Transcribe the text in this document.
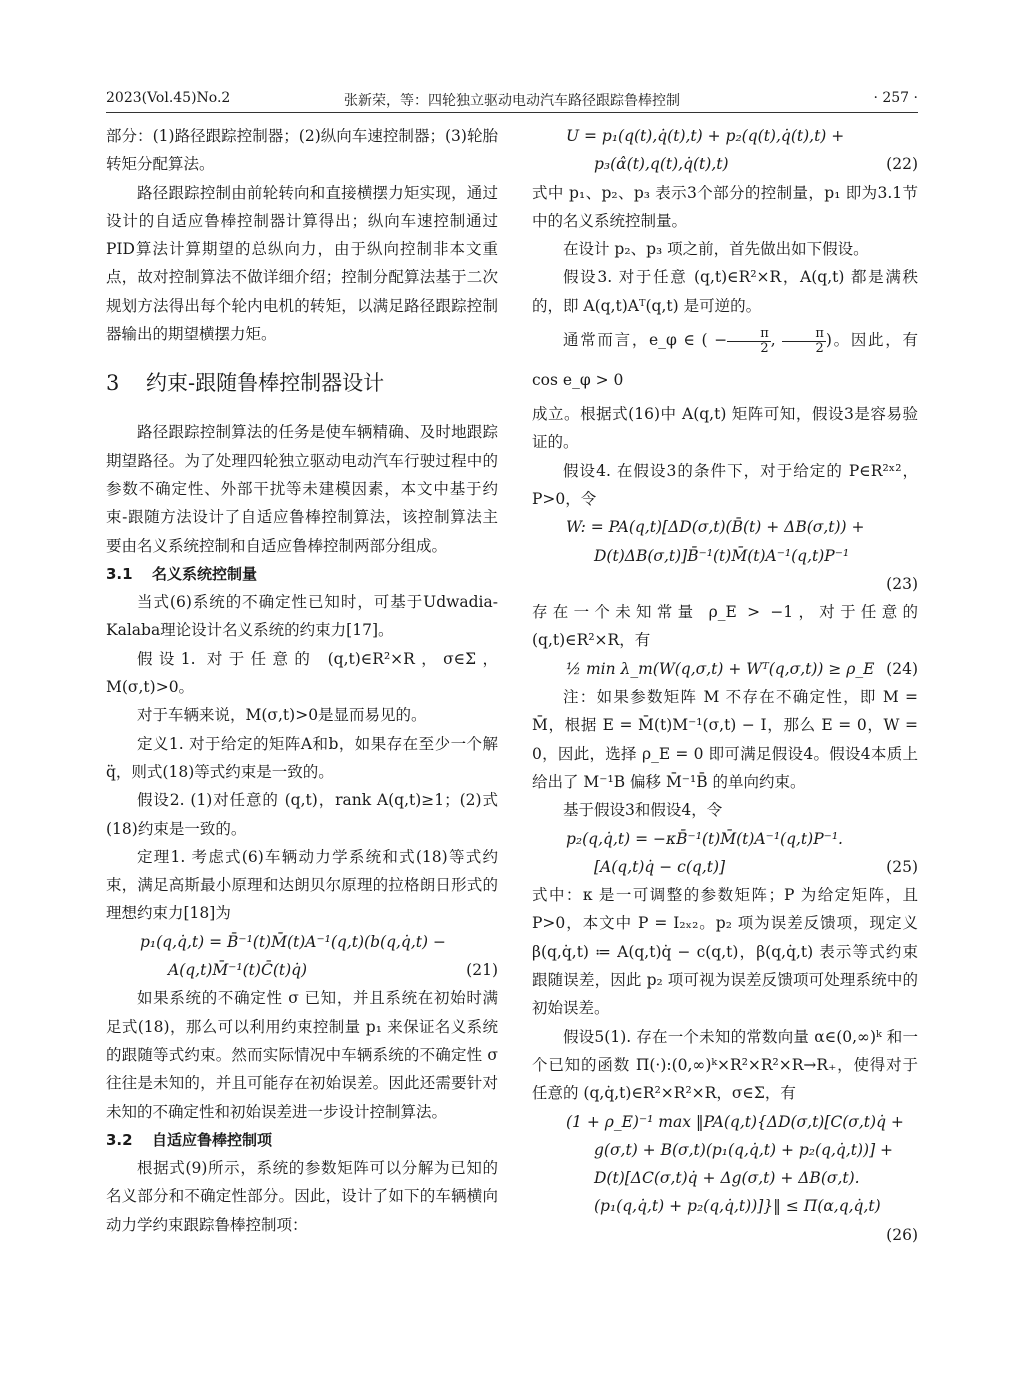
2023(Vol.45)No.2	张新荣，等：四轮独立驱动电动汽车路径跟踪鲁棒控制	· 257 ·

部分：(1)路径跟踪控制器；(2)纵向车速控制器；(3)轮胎转矩分配算法。

路径跟踪控制由前轮转向和直接横摆力矩实现，通过设计的自适应鲁棒控制器计算得出；纵向车速控制通过PID算法计算期望的总纵向力，由于纵向控制非本文重点，故对控制算法不做详细介绍；控制分配算法基于二次规划方法得出每个轮内电机的转矩，以满足路径跟踪控制器输出的期望横摆力矩。

3 约束-跟随鲁棒控制器设计

路径跟踪控制算法的任务是使车辆精确、及时地跟踪期望路径。为了处理四轮独立驱动电动汽车行驶过程中的参数不确定性、外部干扰等未建模因素，本文中基于约束-跟随方法设计了自适应鲁棒控制算法，该控制算法主要由名义系统控制和自适应鲁棒控制两部分组成。

3.1 名义系统控制量

当式(6)系统的不确定性已知时，可基于Udwadia-Kalaba理论设计名义系统的约束力[17]。

假设1. 对于任意的 (q,t)∈R²×R，σ∈Σ，M(σ,t)>0。

对于车辆来说，M(σ,t)>0是显而易见的。

定义1. 对于给定的矩阵A和b，如果存在至少一个解 q̈，则式(18)等式约束是一致的。

假设2. (1)对任意的 (q,t)，rank A(q,t)≥1；(2)式(18)约束是一致的。

定理1. 考虑式(6)车辆动力学系统和式(18)等式约束，满足高斯最小原理和达朗贝尔原理的拉格朗日形式的理想约束力[18]为

p₁(q,q̇,t) = B̄⁻¹(t)M̄(t)A⁻¹(q,t)(b(q,q̇,t) −
A(q,t)M̄⁻¹(t)C̄(t)q̇)	(21)

如果系统的不确定性 σ 已知，并且系统在初始时满足式(18)，那么可以利用约束控制量 p₁ 来保证名义系统的跟随等式约束。然而实际情况中车辆系统的不确定性 σ 往往是未知的，并且可能存在初始误差。因此还需要针对未知的不确定性和初始误差进一步设计控制算法。

3.2 自适应鲁棒控制项

根据式(9)所示，系统的参数矩阵可以分解为已知的名义部分和不确定性部分。因此，设计了如下的车辆横向动力学约束跟踪鲁棒控制项：

U = p₁(q(t),q̇(t),t) + p₂(q(t),q̇(t),t) +
p₃(α̂(t),q(t),q̇(t),t)	(22)

式中 p₁、p₂、p₃ 表示3个部分的控制量，p₁ 即为3.1节中的名义系统控制量。

在设计 p₂、p₃ 项之前，首先做出如下假设。

假设3. 对于任意 (q,t)∈R²×R，A(q,t) 都是满秩的，即 A(q,t)Aᵀ(q,t) 是可逆的。

通常而言，e_φ ∈ ( − $\frac{\pi}{2}$ , $\frac{\pi}{2}$ )。因此，有 cos e_φ > 0

成立。根据式(16)中 A(q,t) 矩阵可知，假设3是容易验证的。

假设4. 在假设3的条件下，对于给定的 P∈R²ˣ²，P>0，令

W: = PA(q,t)[ΔD(σ,t)(B̄(t) + ΔB(σ,t)) +
D(t)ΔB(σ,t)]B̄⁻¹(t)M̄(t)A⁻¹(q,t)P⁻¹
(23)

存在一个未知常量 ρ_E > −1，对于任意的 (q,t)∈R²×R，有

½ min λ_m(W(q,σ,t) + Wᵀ(q,σ,t)) ≥ ρ_E (24)

注：如果参数矩阵 M 不存在不确定性，即 M = M̄，根据 E = M̄(t)M⁻¹(σ,t) − I，那么 E = 0，W = 0，因此，选择 ρ_E = 0 即可满足假设4。假设4本质上给出了 M⁻¹B 偏移 M̄⁻¹B̄ 的单向约束。

基于假设3和假设4，令

p₂(q,q̇,t) = −κB̄⁻¹(t)M̄(t)A⁻¹(q,t)P⁻¹.
[A(q,t)q̇ − c(q,t)]	(25)

式中：κ 是一可调整的参数矩阵；P 为给定矩阵，且 P>0，本文中 P = I₂ₓ₂。p₂ 项为误差反馈项，现定义 β(q,q̇,t) ≔ A(q,t)q̇ − c(q,t)，β(q,q̇,t) 表示等式约束跟随误差，因此 p₂ 项可视为误差反馈项可处理系统中的初始误差。

假设5(1). 存在一个未知的常数向量 α∈(0,∞)ᵏ 和一个已知的函数 Π(·):(0,∞)ᵏ×R²×R²×R→R₊，使得对于任意的 (q,q̇,t)∈R²×R²×R，σ∈Σ，有

(1 + ρ_E)⁻¹ max ‖PA(q,t){ΔD(σ,t)[C(σ,t)q̇ +
g(σ,t) + B(σ,t)(p₁(q,q̇,t) + p₂(q,q̇,t))] +
D(t)[ΔC(σ,t)q̇ + Δg(σ,t) + ΔB(σ,t).
(p₁(q,q̇,t) + p₂(q,q̇,t))]}‖ ≤ Π(α,q,q̇,t)
(26)
